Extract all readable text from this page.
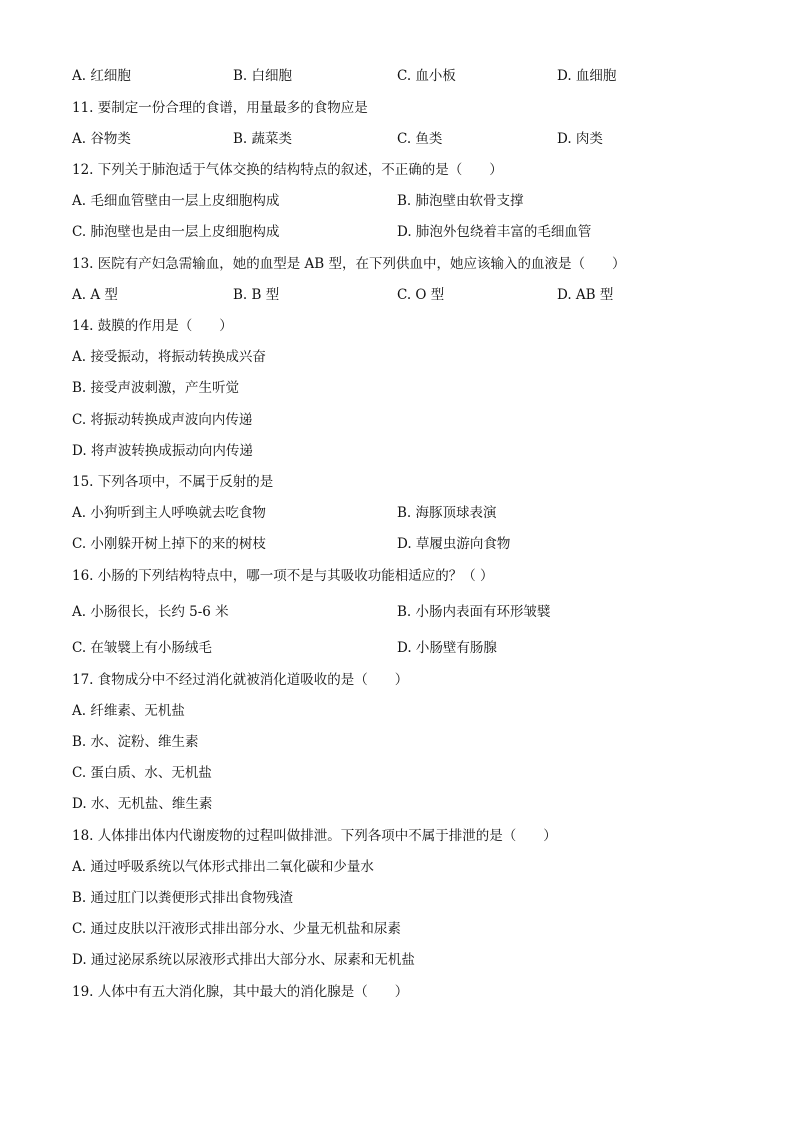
A. 红细胞	B. 白细胞	C. 血小板	D. 血细胞
11. 要制定一份合理的食谱，用量最多的食物应是
A. 谷物类	B. 蔬菜类	C. 鱼类	D. 肉类
12. 下列关于肺泡适于气体交换的结构特点的叙述，不正确的是（　　）
A. 毛细血管壁由一层上皮细胞构成	B. 肺泡壁由软骨支撑
C. 肺泡壁也是由一层上皮细胞构成	D. 肺泡外包绕着丰富的毛细血管
13. 医院有产妇急需输血，她的血型是 AB 型，在下列供血中，她应该输入的血液是（　　）
A. A 型	B. B 型	C. O 型	D. AB 型
14. 鼓膜的作用是（　　）
A. 接受振动，将振动转换成兴奋
B. 接受声波刺激，产生听觉
C. 将振动转换成声波向内传递
D. 将声波转换成振动向内传递
15. 下列各项中，不属于反射的是
A. 小狗听到主人呼唤就去吃食物	B. 海豚顶球表演
C. 小刚躲开树上掉下的来的树枝	D. 草履虫游向食物
16. 小肠的下列结构特点中，哪一项不是与其吸收功能相适应的？（ ）
A. 小肠很长，长约 5-6 米	B. 小肠内表面有环形皱襞
C. 在皱襞上有小肠绒毛	D. 小肠壁有肠腺
17. 食物成分中不经过消化就被消化道吸收的是（　　）
A. 纤维素、无机盐
B. 水、淀粉、维生素
C. 蛋白质、水、无机盐
D. 水、无机盐、维生素
18. 人体排出体内代谢废物的过程叫做排泄。下列各项中不属于排泄的是（　　）
A. 通过呼吸系统以气体形式排出二氧化碳和少量水
B. 通过肛门以粪便形式排出食物残渣
C. 通过皮肤以汗液形式排出部分水、少量无机盐和尿素
D. 通过泌尿系统以尿液形式排出大部分水、尿素和无机盐
19. 人体中有五大消化腺，其中最大的消化腺是（　　）
